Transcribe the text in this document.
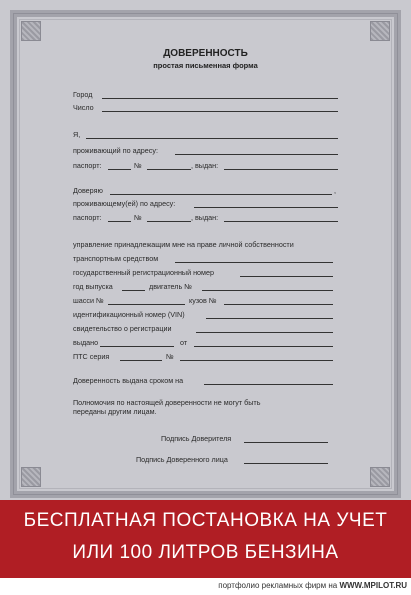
ДОВЕРЕННОСТЬ
простая письменная форма
Город
Число
Я,
проживающий по адресу:
паспорт:	№	, выдан:
Доверяю	,
проживающему(ей) по адресу:
паспорт:	№	, выдан:
управление принадлежащим мне на праве личной собственности
транспортным средством
государственный регистрационный номер
год выпуска	двигатель №
шасси №	кузов №
идентификационный номер (VIN)
свидетельство о регистрации
выдано	от
ПТС серия	№
Доверенность выдана сроком на
Полномочия по настоящей доверенности не могут быть
переданы другим лицам.
Подпись Доверителя
Подпись Доверенного лица
БЕСПЛАТНАЯ ПОСТАНОВКА НА УЧЕТ
ИЛИ 100 ЛИТРОВ БЕНЗИНА
портфолио рекламных фирм на WWW.MPILOT.RU
